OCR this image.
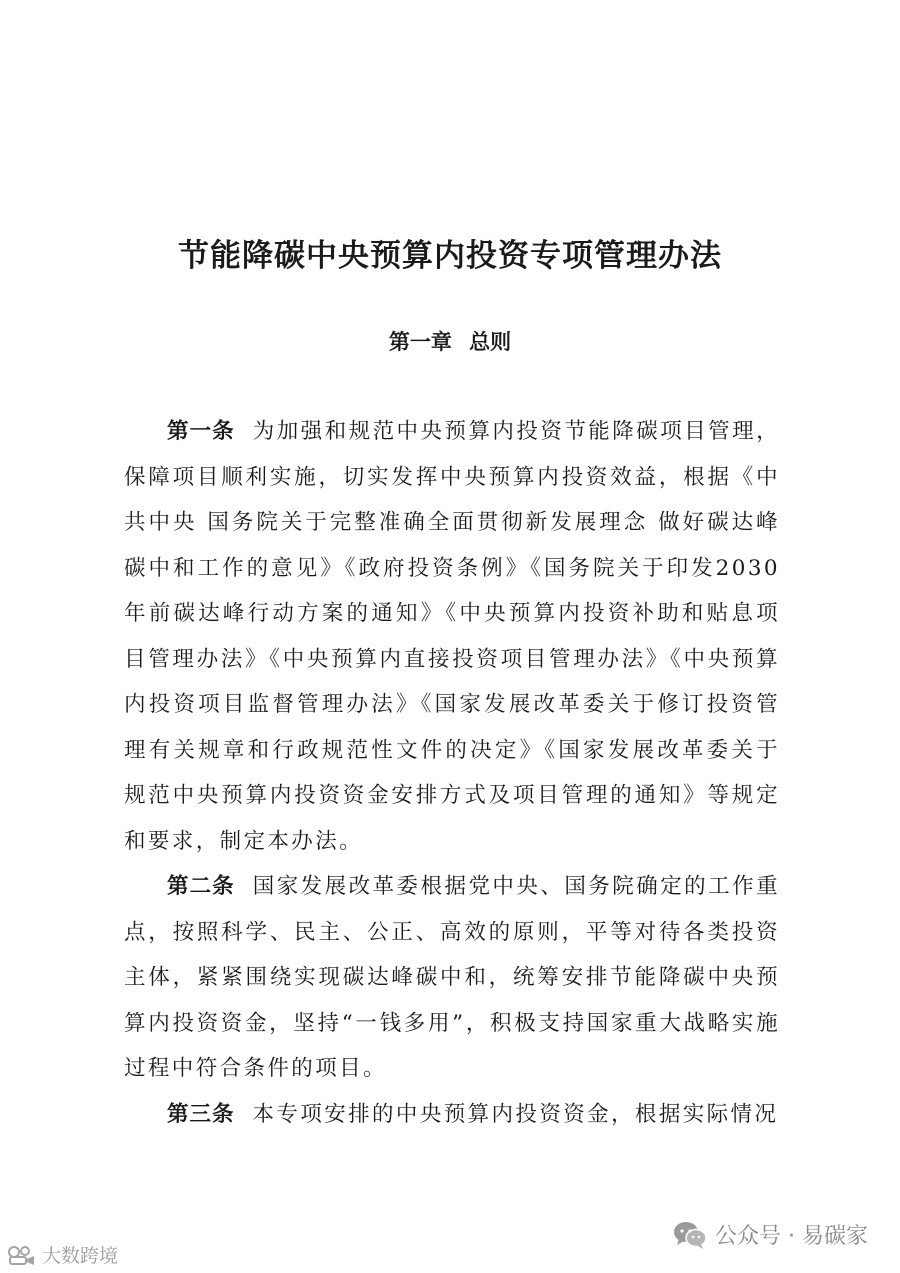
节能降碳中央预算内投资专项管理办法
第一章 总则

第一条 为加强和规范中央预算内投资节能降碳项目管理，保障项目顺利实施，切实发挥中央预算内投资效益，根据《中共中央 国务院关于完整准确全面贯彻新发展理念 做好碳达峰碳中和工作的意见》《政府投资条例》《国务院关于印发2030年前碳达峰行动方案的通知》《中央预算内投资补助和贴息项目管理办法》《中央预算内直接投资项目管理办法》《中央预算内投资项目监督管理办法》《国家发展改革委关于修订投资管理有关规章和行政规范性文件的决定》《国家发展改革委关于规范中央预算内投资资金安排方式及项目管理的通知》等规定和要求，制定本办法。

第二条 国家发展改革委根据党中央、国务院确定的工作重点，按照科学、民主、公正、高效的原则，平等对待各类投资主体，紧紧围绕实现碳达峰碳中和，统筹安排节能降碳中央预算内投资资金，坚持“一钱多用”，积极支持国家重大战略实施过程中符合条件的项目。

第三条 本专项安排的中央预算内投资资金，根据实际情况

公众号 · 易碳家
大数跨境
